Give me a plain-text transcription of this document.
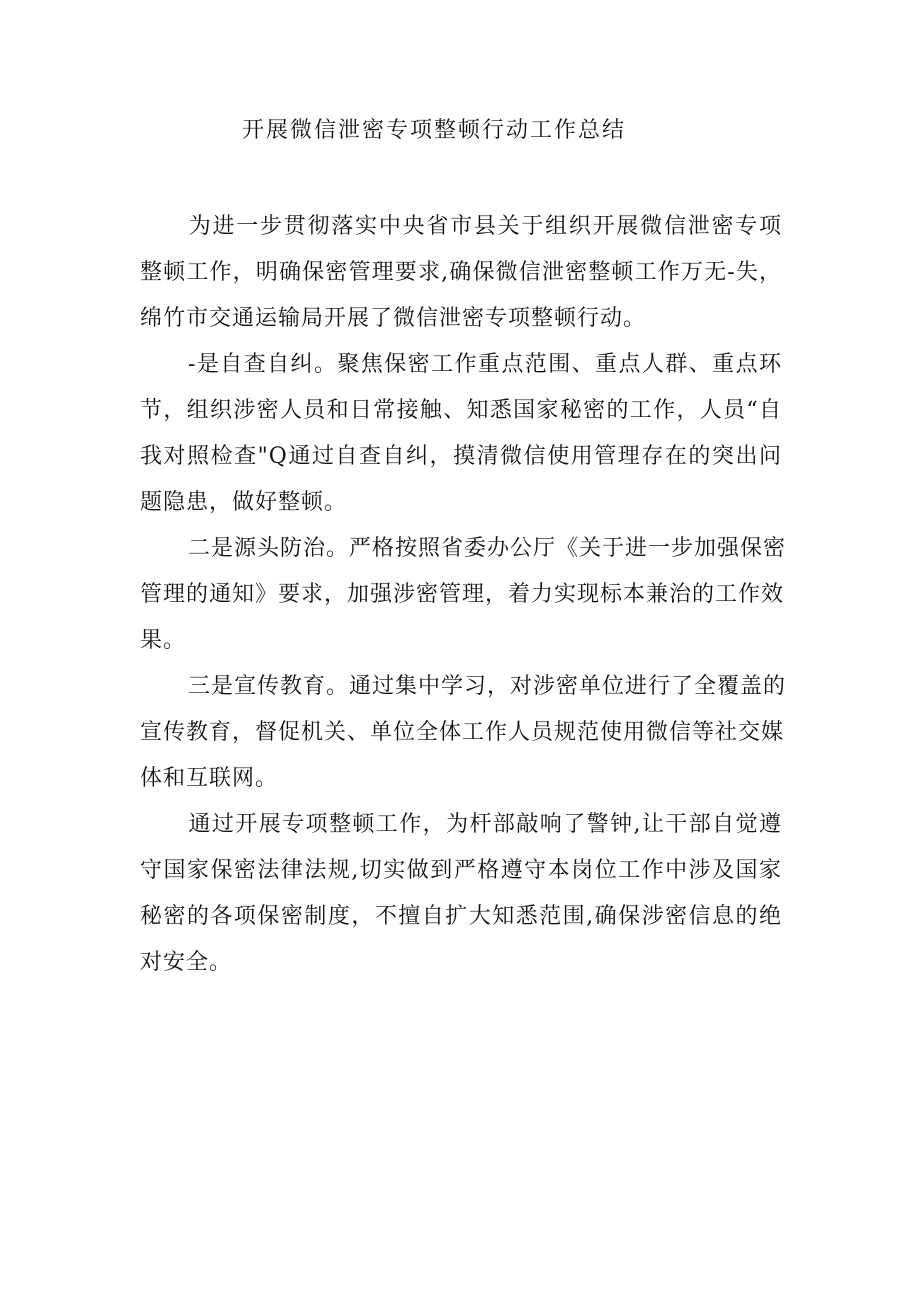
开展微信泄密专项整顿行动工作总结
为进一步贯彻落实中央省市县关于组织开展微信泄密专项
整顿工作，明确保密管理要求,确保微信泄密整顿工作万无-失，
绵竹市交通运输局开展了微信泄密专项整顿行动。
-是自查自纠。聚焦保密工作重点范围、重点人群、重点环
节，组织涉密人员和日常接触、知悉国家秘密的工作，人员“自
我对照检查"Q通过自查自纠，摸清微信使用管理存在的突出问
题隐患，做好整顿。
二是源头防治。严格按照省委办公厅《关于进一步加强保密
管理的通知》要求，加强涉密管理，着力实现标本兼治的工作效
果。
三是宣传教育。通过集中学习，对涉密单位进行了全覆盖的
宣传教育，督促机关、单位全体工作人员规范使用微信等社交媒
体和互联网。
通过开展专项整顿工作，为杆部敲响了警钟,让干部自觉遵
守国家保密法律法规,切实做到严格遵守本岗位工作中涉及国家
秘密的各项保密制度，不擅自扩大知悉范围,确保涉密信息的绝
对安全。
